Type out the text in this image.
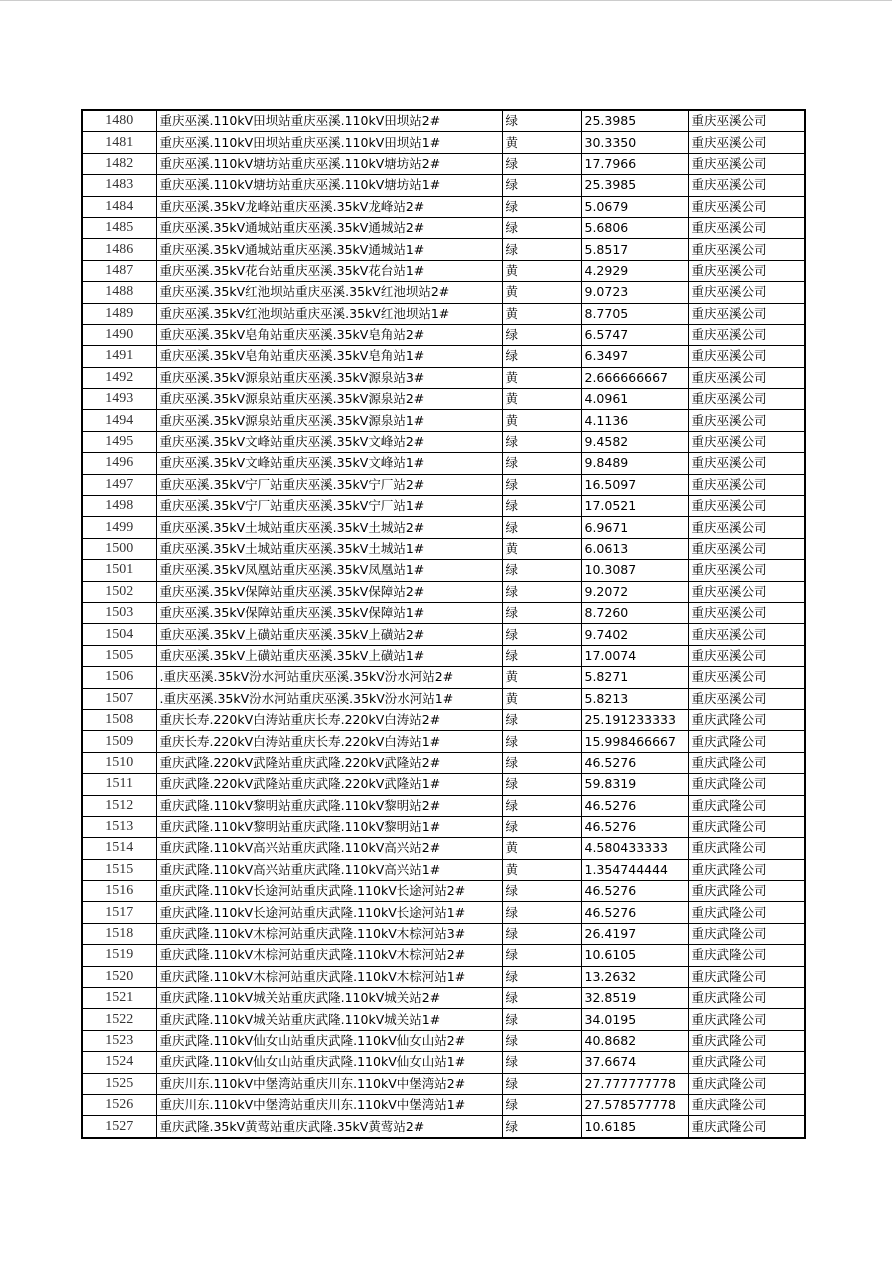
1480	重庆巫溪.110kV田坝站重庆巫溪.110kV田坝站2#	绿	25.3985	重庆巫溪公司
1481	重庆巫溪.110kV田坝站重庆巫溪.110kV田坝站1#	黄	30.3350	重庆巫溪公司
1482	重庆巫溪.110kV塘坊站重庆巫溪.110kV塘坊站2#	绿	17.7966	重庆巫溪公司
1483	重庆巫溪.110kV塘坊站重庆巫溪.110kV塘坊站1#	绿	25.3985	重庆巫溪公司
1484	重庆巫溪.35kV龙峰站重庆巫溪.35kV龙峰站2#	绿	5.0679	重庆巫溪公司
1485	重庆巫溪.35kV通城站重庆巫溪.35kV通城站2#	绿	5.6806	重庆巫溪公司
1486	重庆巫溪.35kV通城站重庆巫溪.35kV通城站1#	绿	5.8517	重庆巫溪公司
1487	重庆巫溪.35kV花台站重庆巫溪.35kV花台站1#	黄	4.2929	重庆巫溪公司
1488	重庆巫溪.35kV红池坝站重庆巫溪.35kV红池坝站2#	黄	9.0723	重庆巫溪公司
1489	重庆巫溪.35kV红池坝站重庆巫溪.35kV红池坝站1#	黄	8.7705	重庆巫溪公司
1490	重庆巫溪.35kV皂角站重庆巫溪.35kV皂角站2#	绿	6.5747	重庆巫溪公司
1491	重庆巫溪.35kV皂角站重庆巫溪.35kV皂角站1#	绿	6.3497	重庆巫溪公司
1492	重庆巫溪.35kV源泉站重庆巫溪.35kV源泉站3#	黄	2.666666667	重庆巫溪公司
1493	重庆巫溪.35kV源泉站重庆巫溪.35kV源泉站2#	黄	4.0961	重庆巫溪公司
1494	重庆巫溪.35kV源泉站重庆巫溪.35kV源泉站1#	黄	4.1136	重庆巫溪公司
1495	重庆巫溪.35kV文峰站重庆巫溪.35kV文峰站2#	绿	9.4582	重庆巫溪公司
1496	重庆巫溪.35kV文峰站重庆巫溪.35kV文峰站1#	绿	9.8489	重庆巫溪公司
1497	重庆巫溪.35kV宁厂站重庆巫溪.35kV宁厂站2#	绿	16.5097	重庆巫溪公司
1498	重庆巫溪.35kV宁厂站重庆巫溪.35kV宁厂站1#	绿	17.0521	重庆巫溪公司
1499	重庆巫溪.35kV土城站重庆巫溪.35kV土城站2#	绿	6.9671	重庆巫溪公司
1500	重庆巫溪.35kV土城站重庆巫溪.35kV土城站1#	黄	6.0613	重庆巫溪公司
1501	重庆巫溪.35kV凤凰站重庆巫溪.35kV凤凰站1#	绿	10.3087	重庆巫溪公司
1502	重庆巫溪.35kV保障站重庆巫溪.35kV保障站2#	绿	9.2072	重庆巫溪公司
1503	重庆巫溪.35kV保障站重庆巫溪.35kV保障站1#	绿	8.7260	重庆巫溪公司
1504	重庆巫溪.35kV上磺站重庆巫溪.35kV上磺站2#	绿	9.7402	重庆巫溪公司
1505	重庆巫溪.35kV上磺站重庆巫溪.35kV上磺站1#	绿	17.0074	重庆巫溪公司
1506	.重庆巫溪.35kV汾水河站重庆巫溪.35kV汾水河站2#	黄	5.8271	重庆巫溪公司
1507	.重庆巫溪.35kV汾水河站重庆巫溪.35kV汾水河站1#	黄	5.8213	重庆巫溪公司
1508	重庆长寿.220kV白涛站重庆长寿.220kV白涛站2#	绿	25.191233333	重庆武隆公司
1509	重庆长寿.220kV白涛站重庆长寿.220kV白涛站1#	绿	15.998466667	重庆武隆公司
1510	重庆武隆.220kV武隆站重庆武隆.220kV武隆站2#	绿	46.5276	重庆武隆公司
1511	重庆武隆.220kV武隆站重庆武隆.220kV武隆站1#	绿	59.8319	重庆武隆公司
1512	重庆武隆.110kV黎明站重庆武隆.110kV黎明站2#	绿	46.5276	重庆武隆公司
1513	重庆武隆.110kV黎明站重庆武隆.110kV黎明站1#	绿	46.5276	重庆武隆公司
1514	重庆武隆.110kV高兴站重庆武隆.110kV高兴站2#	黄	4.580433333	重庆武隆公司
1515	重庆武隆.110kV高兴站重庆武隆.110kV高兴站1#	黄	1.354744444	重庆武隆公司
1516	重庆武隆.110kV长途河站重庆武隆.110kV长途河站2#	绿	46.5276	重庆武隆公司
1517	重庆武隆.110kV长途河站重庆武隆.110kV长途河站1#	绿	46.5276	重庆武隆公司
1518	重庆武隆.110kV木棕河站重庆武隆.110kV木棕河站3#	绿	26.4197	重庆武隆公司
1519	重庆武隆.110kV木棕河站重庆武隆.110kV木棕河站2#	绿	10.6105	重庆武隆公司
1520	重庆武隆.110kV木棕河站重庆武隆.110kV木棕河站1#	绿	13.2632	重庆武隆公司
1521	重庆武隆.110kV城关站重庆武隆.110kV城关站2#	绿	32.8519	重庆武隆公司
1522	重庆武隆.110kV城关站重庆武隆.110kV城关站1#	绿	34.0195	重庆武隆公司
1523	重庆武隆.110kV仙女山站重庆武隆.110kV仙女山站2#	绿	40.8682	重庆武隆公司
1524	重庆武隆.110kV仙女山站重庆武隆.110kV仙女山站1#	绿	37.6674	重庆武隆公司
1525	重庆川东.110kV中堡湾站重庆川东.110kV中堡湾站2#	绿	27.777777778	重庆武隆公司
1526	重庆川东.110kV中堡湾站重庆川东.110kV中堡湾站1#	绿	27.578577778	重庆武隆公司
1527	重庆武隆.35kV黄莺站重庆武隆.35kV黄莺站2#	绿	10.6185	重庆武隆公司
